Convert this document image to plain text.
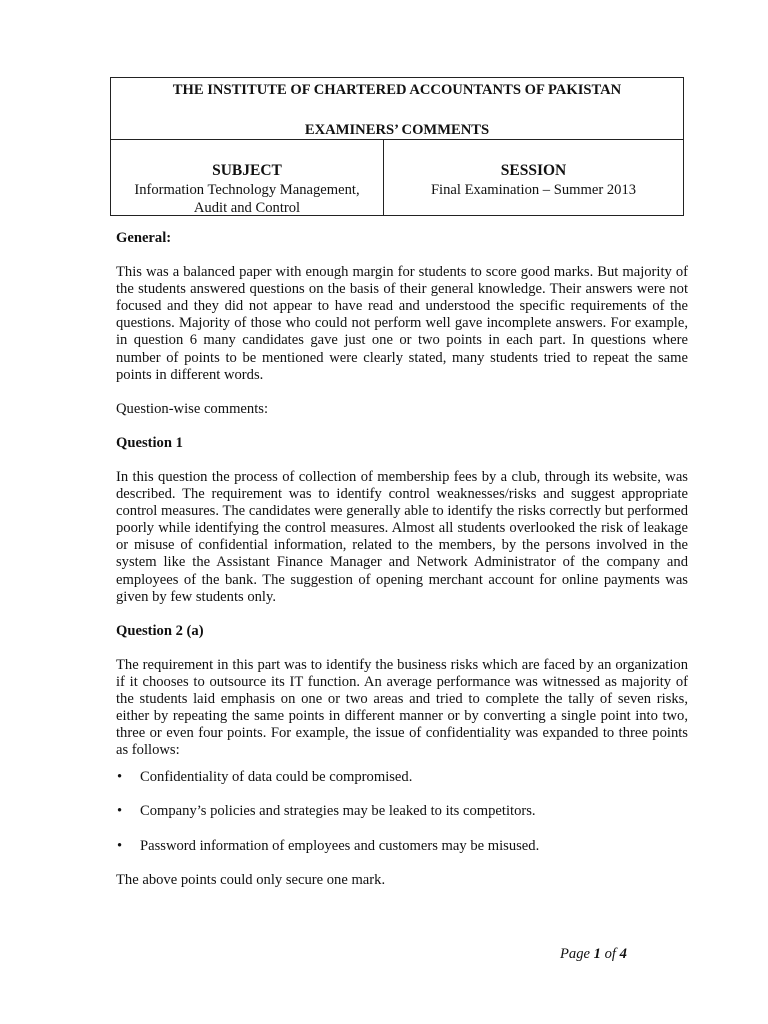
THE INSTITUTE OF CHARTERED ACCOUNTANTS OF PAKISTAN
EXAMINERS’ COMMENTS
SUBJECT
Information Technology Management, Audit and Control
SESSION
Final Examination – Summer 2013

General:

This was a balanced paper with enough margin for students to score good marks. But majority of the students answered questions on the basis of their general knowledge. Their answers were not focused and they did not appear to have read and understood the specific requirements of the questions. Majority of those who could not perform well gave incomplete answers. For example, in question 6 many candidates gave just one or two points in each part. In questions where number of points to be mentioned were clearly stated, many students tried to repeat the same points in different words.

Question-wise comments:

Question 1

In this question the process of collection of membership fees by a club, through its website, was described. The requirement was to identify control weaknesses/risks and suggest appropriate control measures. The candidates were generally able to identify the risks correctly but performed poorly while identifying the control measures. Almost all students overlooked the risk of leakage or misuse of confidential information, related to the members, by the persons involved in the system like the Assistant Finance Manager and Network Administrator of the company and employees of the bank. The suggestion of opening merchant account for online payments was given by few students only.

Question 2 (a)

The requirement in this part was to identify the business risks which are faced by an organization if it chooses to outsource its IT function. An average performance was witnessed as majority of the students laid emphasis on one or two areas and tried to complete the tally of seven risks, either by repeating the same points in different manner or by converting a single point into two, three or even four points. For example, the issue of confidentiality was expanded to three points as follows:

• Confidentiality of data could be compromised.
• Company’s policies and strategies may be leaked to its competitors.
• Password information of employees and customers may be misused.

The above points could only secure one mark.

Page 1 of 4
